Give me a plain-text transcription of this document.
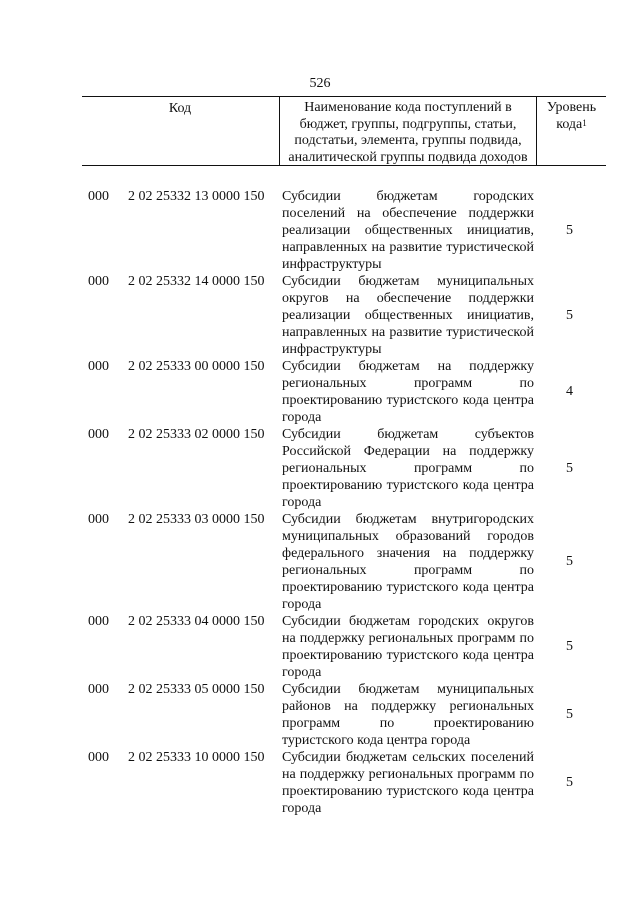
526
Код	Наименование кода поступлений в бюджет, группы, подгруппы, статьи, подстатьи, элемента, группы подвида, аналитической группы подвида доходов
Уровень кода$^1$
000 2 02 25332 13 0000 150 Субсидии бюджетам городских поселений на обеспечение поддержки реализации общественных инициатив, направленных на развитие туристической инфраструктуры
5
000 2 02 25332 14 0000 150 Субсидии бюджетам муниципальных округов на обеспечение поддержки реализации общественных инициатив, направленных на развитие туристической инфраструктуры
5
000 2 02 25333 00 0000 150 Субсидии бюджетам на поддержку региональных программ по проектированию туристского кода центра города
4
000 2 02 25333 02 0000 150 Субсидии бюджетам субъектов Российской Федерации на поддержку региональных программ по проектированию туристского кода центра города
5
000 2 02 25333 03 0000 150 Субсидии бюджетам внутригородских муниципальных образований городов федерального значения на поддержку региональных программ по проектированию туристского кода центра города
5
000 2 02 25333 04 0000 150 Субсидии бюджетам городских округов на поддержку региональных программ по проектированию туристского кода центра города
5
000 2 02 25333 05 0000 150 Субсидии бюджетам муниципальных районов на поддержку региональных программ по проектированию туристского кода центра города
5
000 2 02 25333 10 0000 150 Субсидии бюджетам сельских поселений на поддержку региональных программ по проектированию туристского кода центра города
5
